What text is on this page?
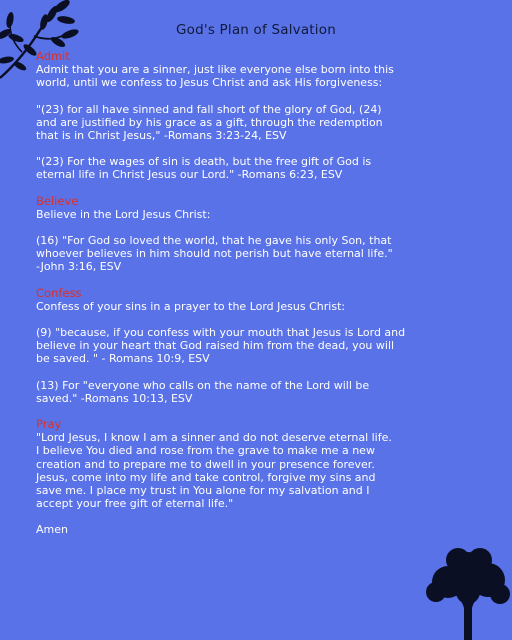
God's Plan of Salvation

Admit

Admit that you are a sinner, just like everyone else born into this
world, until we confess to Jesus Christ and ask His forgiveness:

"(23) for all have sinned and fall short of the glory of God, (24)
and are justified by his grace as a gift, through the redemption
that is in Christ Jesus," -Romans 3:23-24, ESV

"(23) For the wages of sin is death, but the free gift of God is
eternal life in Christ Jesus our Lord." -Romans 6:23, ESV

Believe

Believe in the Lord Jesus Christ:

(16) "For God so loved the world, that he gave his only Son, that
whoever believes in him should not perish but have eternal life."
-John 3:16, ESV

Confess

Confess of your sins in a prayer to the Lord Jesus Christ:

(9) "because, if you confess with your mouth that Jesus is Lord and
believe in your heart that God raised him from the dead, you will
be saved. " - Romans 10:9, ESV

(13) For "everyone who calls on the name of the Lord will be
saved." -Romans 10:13, ESV

Pray

"Lord Jesus, I know I am a sinner and do not deserve eternal life.
I believe You died and rose from the grave to make me a new
creation and to prepare me to dwell in your presence forever.
Jesus, come into my life and take control, forgive my sins and
save me. I place my trust in You alone for my salvation and I
accept your free gift of eternal life."

Amen
